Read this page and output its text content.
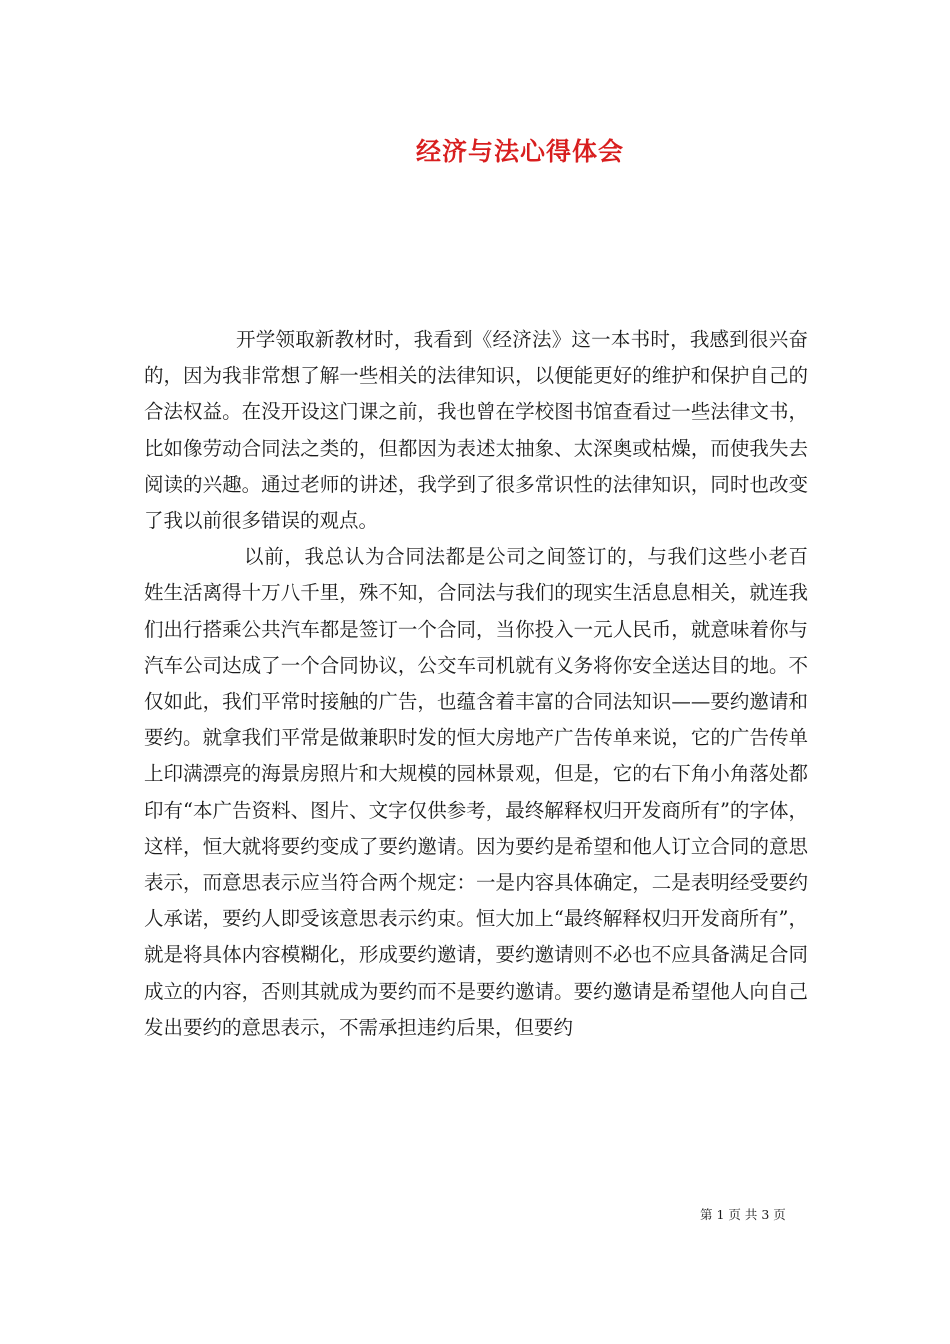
经济与法心得体会

开学领取新教材时，我看到《经济法》这一本书时，我感到很兴奋的，因为我非常想了解一些相关的法律知识，以便能更好的维护和保护自己的合法权益。在没开设这门课之前，我也曾在学校图书馆查看过一些法律文书，比如像劳动合同法之类的，但都因为表述太抽象、太深奥或枯燥，而使我失去阅读的兴趣。通过老师的讲述，我学到了很多常识性的法律知识，同时也改变了我以前很多错误的观点。

以前，我总认为合同法都是公司之间签订的，与我们这些小老百姓生活离得十万八千里，殊不知，合同法与我们的现实生活息息相关，就连我们出行搭乘公共汽车都是签订一个合同，当你投入一元人民币，就意味着你与汽车公司达成了一个合同协议，公交车司机就有义务将你安全送达目的地。不仅如此，我们平常时接触的广告，也蕴含着丰富的合同法知识——要约邀请和要约。就拿我们平常是做兼职时发的恒大房地产广告传单来说，它的广告传单上印满漂亮的海景房照片和大规模的园林景观，但是，它的右下角小角落处都印有“本广告资料、图片、文字仅供参考，最终解释权归开发商所有”的字体，这样，恒大就将要约变成了要约邀请。因为要约是希望和他人订立合同的意思表示，而意思表示应当符合两个规定：一是内容具体确定，二是表明经受要约人承诺，要约人即受该意思表示约束。恒大加上“最终解释权归开发商所有”，就是将具体内容模糊化，形成要约邀请，要约邀请则不必也不应具备满足合同成立的内容，否则其就成为要约而不是要约邀请。要约邀请是希望他人向自己发出要约的意思表示，不需承担违约后果，但要约

第 1 页 共 3 页
